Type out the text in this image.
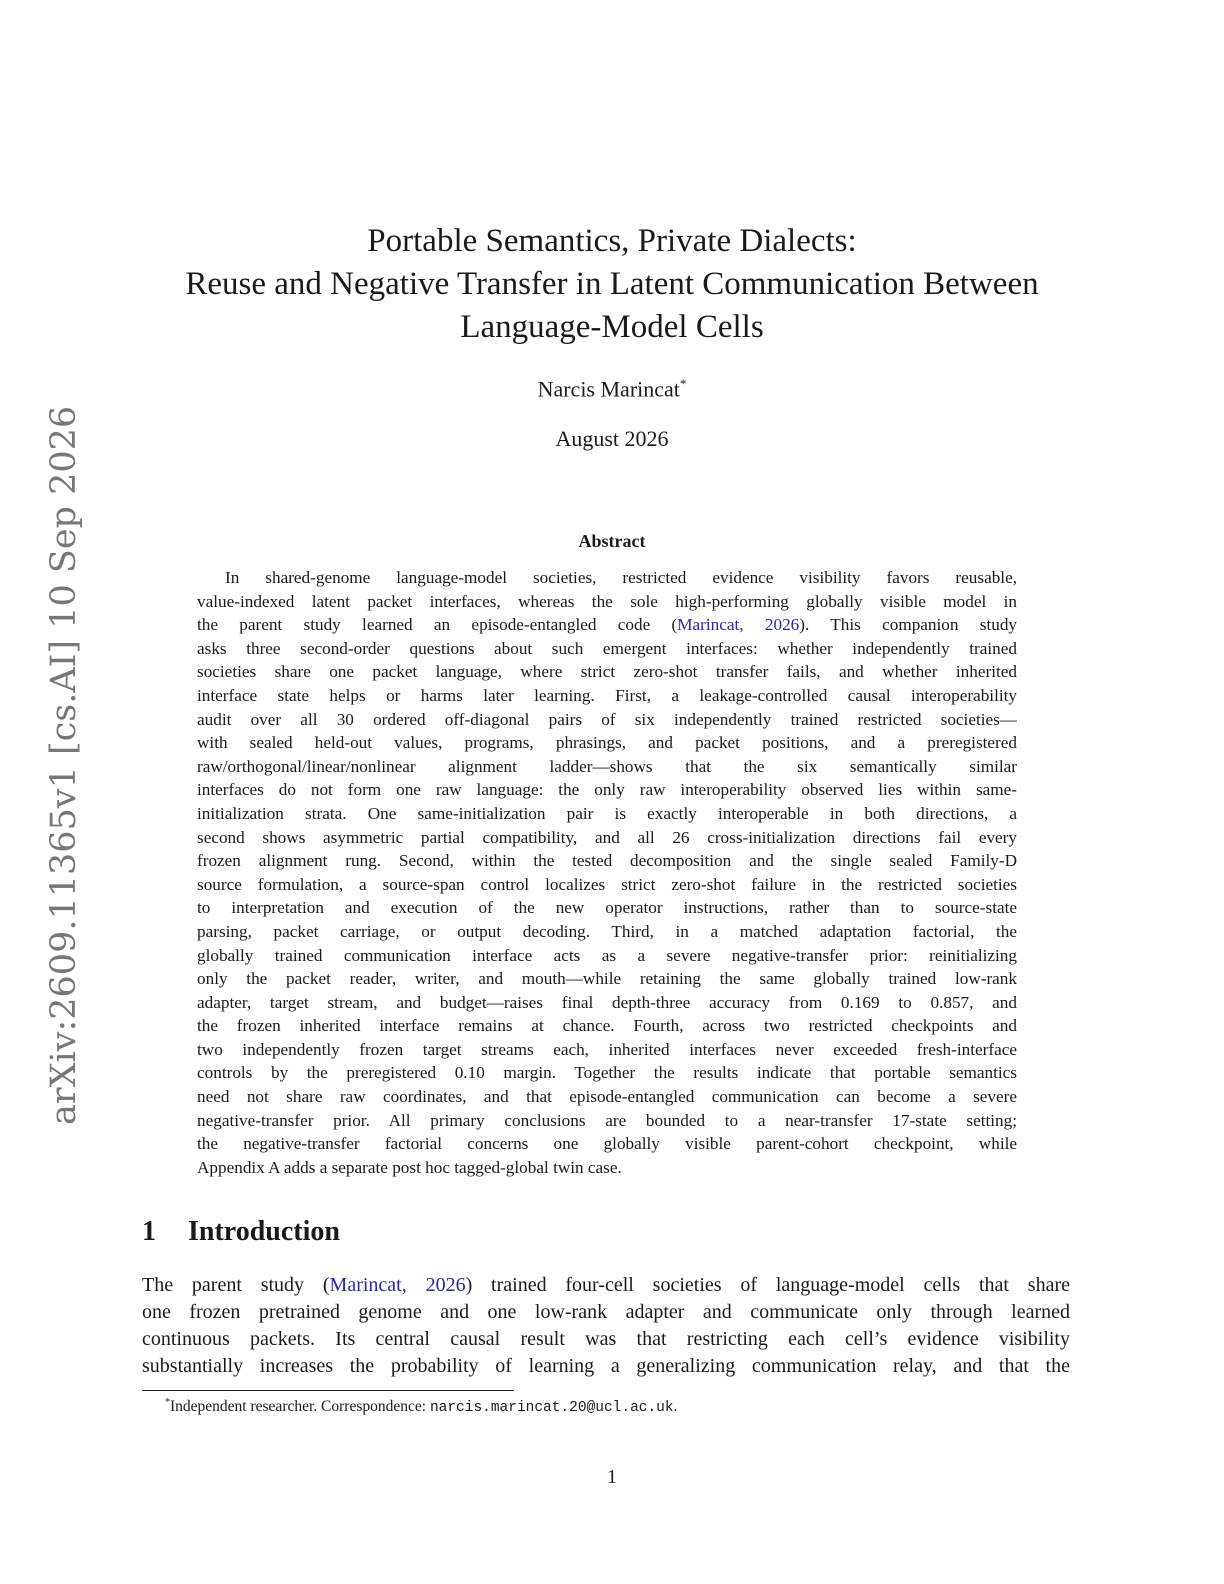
arXiv:2609.11365v1 [cs.AI] 10 Sep 2026
Portable Semantics, Private Dialects:
Reuse and Negative Transfer in Latent Communication Between
Language-Model Cells
Narcis Marincat*
August 2026
Abstract
In shared-genome language-model societies, restricted evidence visibility favors reusable,
value-indexed latent packet interfaces, whereas the sole high-performing globally visible model in
the parent study learned an episode-entangled code (Marincat, 2026). This companion study
asks three second-order questions about such emergent interfaces: whether independently trained
societies share one packet language, where strict zero-shot transfer fails, and whether inherited
interface state helps or harms later learning. First, a leakage-controlled causal interoperability
audit over all 30 ordered off-diagonal pairs of six independently trained restricted societies—
with sealed held-out values, programs, phrasings, and packet positions, and a preregistered
raw/orthogonal/linear/nonlinear alignment ladder—shows that the six semantically similar
interfaces do not form one raw language: the only raw interoperability observed lies within same-
initialization strata. One same-initialization pair is exactly interoperable in both directions, a
second shows asymmetric partial compatibility, and all 26 cross-initialization directions fail every
frozen alignment rung. Second, within the tested decomposition and the single sealed Family-D
source formulation, a source-span control localizes strict zero-shot failure in the restricted societies
to interpretation and execution of the new operator instructions, rather than to source-state
parsing, packet carriage, or output decoding. Third, in a matched adaptation factorial, the
globally trained communication interface acts as a severe negative-transfer prior: reinitializing
only the packet reader, writer, and mouth—while retaining the same globally trained low-rank
adapter, target stream, and budget—raises final depth-three accuracy from 0.169 to 0.857, and
the frozen inherited interface remains at chance. Fourth, across two restricted checkpoints and
two independently frozen target streams each, inherited interfaces never exceeded fresh-interface
controls by the preregistered 0.10 margin. Together the results indicate that portable semantics
need not share raw coordinates, and that episode-entangled communication can become a severe
negative-transfer prior. All primary conclusions are bounded to a near-transfer 17-state setting;
the negative-transfer factorial concerns one globally visible parent-cohort checkpoint, while
Appendix A adds a separate post hoc tagged-global twin case.
1 Introduction
The parent study (Marincat, 2026) trained four-cell societies of language-model cells that share
one frozen pretrained genome and one low-rank adapter and communicate only through learned
continuous packets. Its central causal result was that restricting each cell’s evidence visibility
substantially increases the probability of learning a generalizing communication relay, and that the
*Independent researcher. Correspondence: narcis.marincat.20@ucl.ac.uk.
1
